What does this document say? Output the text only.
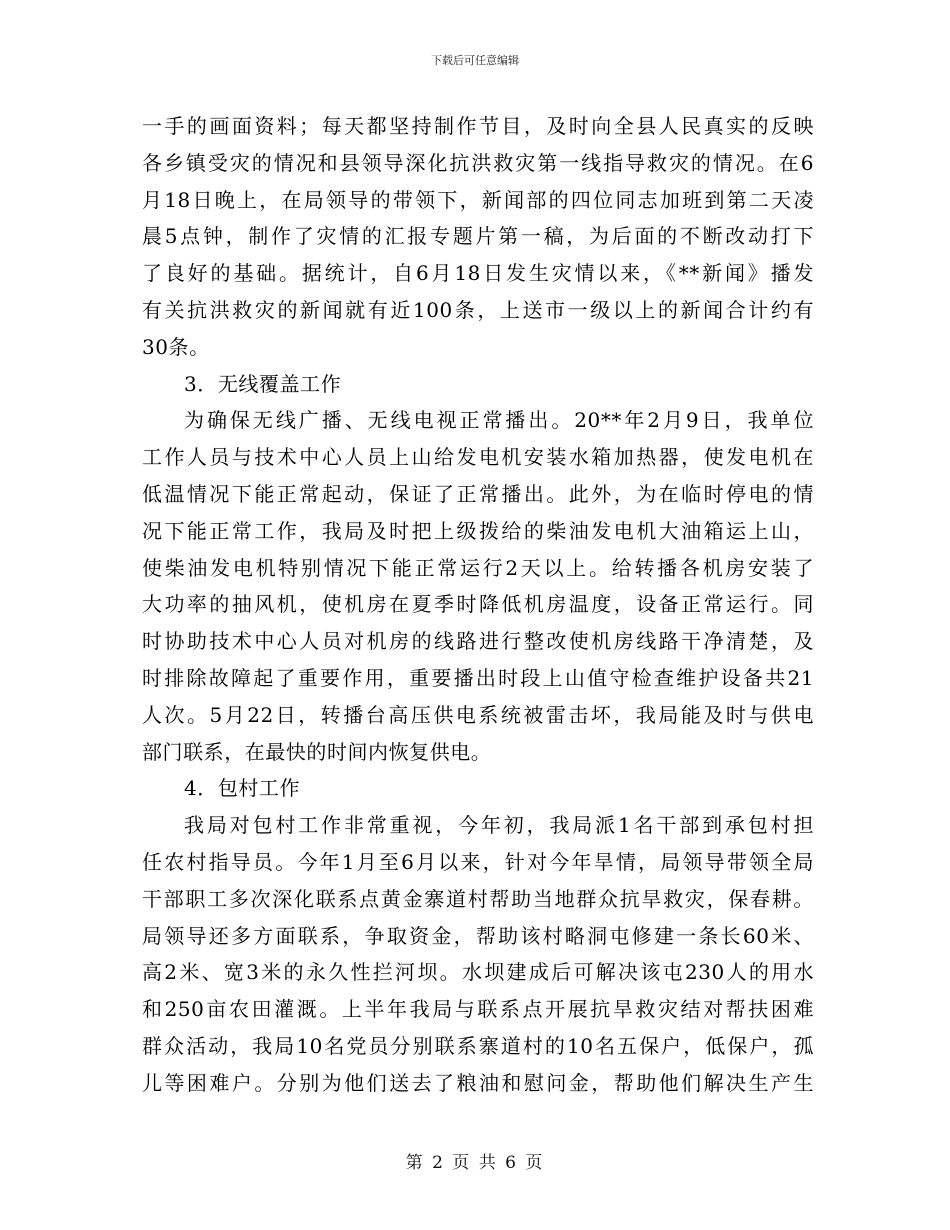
下载后可任意编辑
一手的画面资料；每天都坚持制作节目，及时向全县人民真实的反映
各乡镇受灾的情况和县领导深化抗洪救灾第一线指导救灾的情况。在6
月18日晚上，在局领导的带领下，新闻部的四位同志加班到第二天凌
晨5点钟，制作了灾情的汇报专题片第一稿，为后面的不断改动打下
了良好的基础。据统计，自6月18日发生灾情以来，《**新闻》播发
有关抗洪救灾的新闻就有近100条，上送市一级以上的新闻合计约有
30条。
3．无线覆盖工作
为确保无线广播、无线电视正常播出。20**年2月9日，我单位
工作人员与技术中心人员上山给发电机安装水箱加热器，使发电机在
低温情况下能正常起动，保证了正常播出。此外，为在临时停电的情
况下能正常工作，我局及时把上级拨给的柴油发电机大油箱运上山，
使柴油发电机特别情况下能正常运行2天以上。给转播各机房安装了
大功率的抽风机，使机房在夏季时降低机房温度，设备正常运行。同
时协助技术中心人员对机房的线路进行整改使机房线路干净清楚，及
时排除故障起了重要作用，重要播出时段上山值守检查维护设备共21
人次。5月22日，转播台高压供电系统被雷击坏，我局能及时与供电
部门联系，在最快的时间内恢复供电。
4．包村工作
我局对包村工作非常重视，今年初，我局派1名干部到承包村担
任农村指导员。今年1月至6月以来，针对今年旱情，局领导带领全局
干部职工多次深化联系点黄金寨道村帮助当地群众抗旱救灾，保春耕。
局领导还多方面联系，争取资金，帮助该村略洞屯修建一条长60米、
高2米、宽3米的永久性拦河坝。水坝建成后可解决该屯230人的用水
和250亩农田灌溉。上半年我局与联系点开展抗旱救灾结对帮扶困难
群众活动，我局10名党员分别联系寨道村的10名五保户，低保户，孤
儿等困难户。分别为他们送去了粮油和慰问金，帮助他们解决生产生
第 2 页 共 6 页
